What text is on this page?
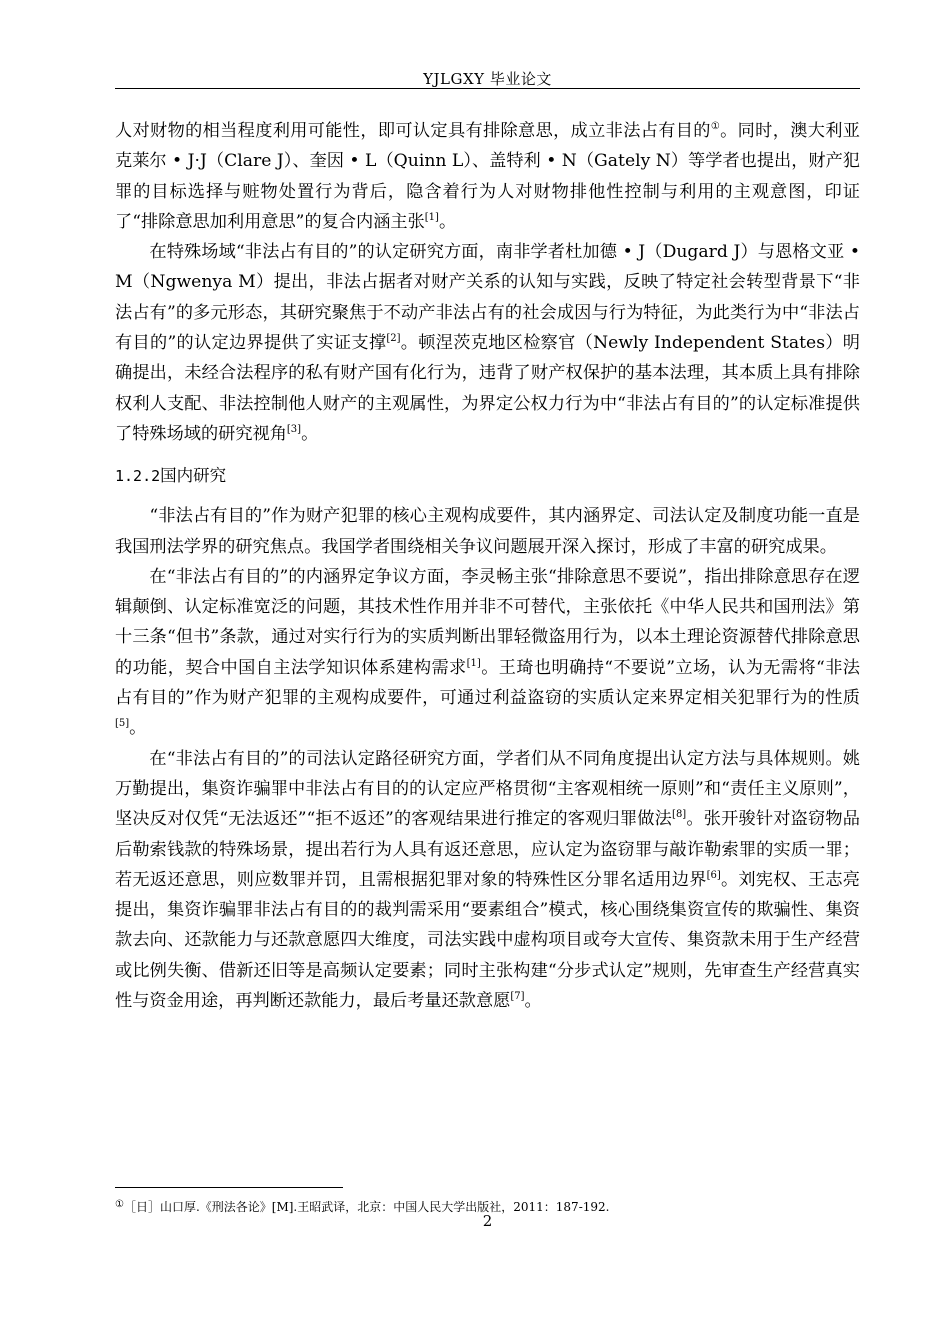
YJLGXY 毕业论文

人对财物的相当程度利用可能性，即可认定具有排除意思，成立非法占有目的①。同时，澳大利亚克莱尔 • J·J（Clare J）、奎因 • L（Quinn L）、盖特利 • N（Gately N）等学者也提出，财产犯罪的目标选择与赃物处置行为背后，隐含着行为人对财物排他性控制与利用的主观意图，印证了“排除意思加利用意思”的复合内涵主张[1]。

在特殊场域“非法占有目的”的认定研究方面，南非学者杜加德 • J（Dugard J）与恩格文亚 • M（Ngwenya M）提出，非法占据者对财产关系的认知与实践，反映了特定社会转型背景下“非法占有”的多元形态，其研究聚焦于不动产非法占有的社会成因与行为特征，为此类行为中“非法占有目的”的认定边界提供了实证支撑[2]。顿涅茨克地区检察官（Newly Independent States）明确提出，未经合法程序的私有财产国有化行为，违背了财产权保护的基本法理，其本质上具有排除权利人支配、非法控制他人财产的主观属性，为界定公权力行为中“非法占有目的”的认定标准提供了特殊场域的研究视角[3]。

1.2.2国内研究

“非法占有目的”作为财产犯罪的核心主观构成要件，其内涵界定、司法认定及制度功能一直是我国刑法学界的研究焦点。我国学者围绕相关争议问题展开深入探讨，形成了丰富的研究成果。

在“非法占有目的”的内涵界定争议方面，李灵畅主张“排除意思不要说”，指出排除意思存在逻辑颠倒、认定标准宽泛的问题，其技术性作用并非不可替代，主张依托《中华人民共和国刑法》第十三条“但书”条款，通过对实行行为的实质判断出罪轻微盗用行为，以本土理论资源替代排除意思的功能，契合中国自主法学知识体系建构需求[1]。王琦也明确持“不要说”立场，认为无需将“非法占有目的”作为财产犯罪的主观构成要件，可通过利益盗窃的实质认定来界定相关犯罪行为的性质[5]。

在“非法占有目的”的司法认定路径研究方面，学者们从不同角度提出认定方法与具体规则。姚万勤提出，集资诈骗罪中非法占有目的的认定应严格贯彻“主客观相统一原则”和“责任主义原则”，坚决反对仅凭“无法返还”“拒不返还”的客观结果进行推定的客观归罪做法[8]。张开骏针对盗窃物品后勒索钱款的特殊场景，提出若行为人具有返还意思，应认定为盗窃罪与敲诈勒索罪的实质一罪；若无返还意思，则应数罪并罚，且需根据犯罪对象的特殊性区分罪名适用边界[6]。刘宪权、王志亮提出，集资诈骗罪非法占有目的的裁判需采用“要素组合”模式，核心围绕集资宣传的欺骗性、集资款去向、还款能力与还款意愿四大维度，司法实践中虚构项目或夸大宣传、集资款未用于生产经营或比例失衡、借新还旧等是高频认定要素；同时主张构建“分步式认定”规则，先审查生产经营真实性与资金用途，再判断还款能力，最后考量还款意愿[7]。

①［日］山口厚.《刑法各论》[M].王昭武译，北京：中国人民大学出版社，2011：187-192.
2
